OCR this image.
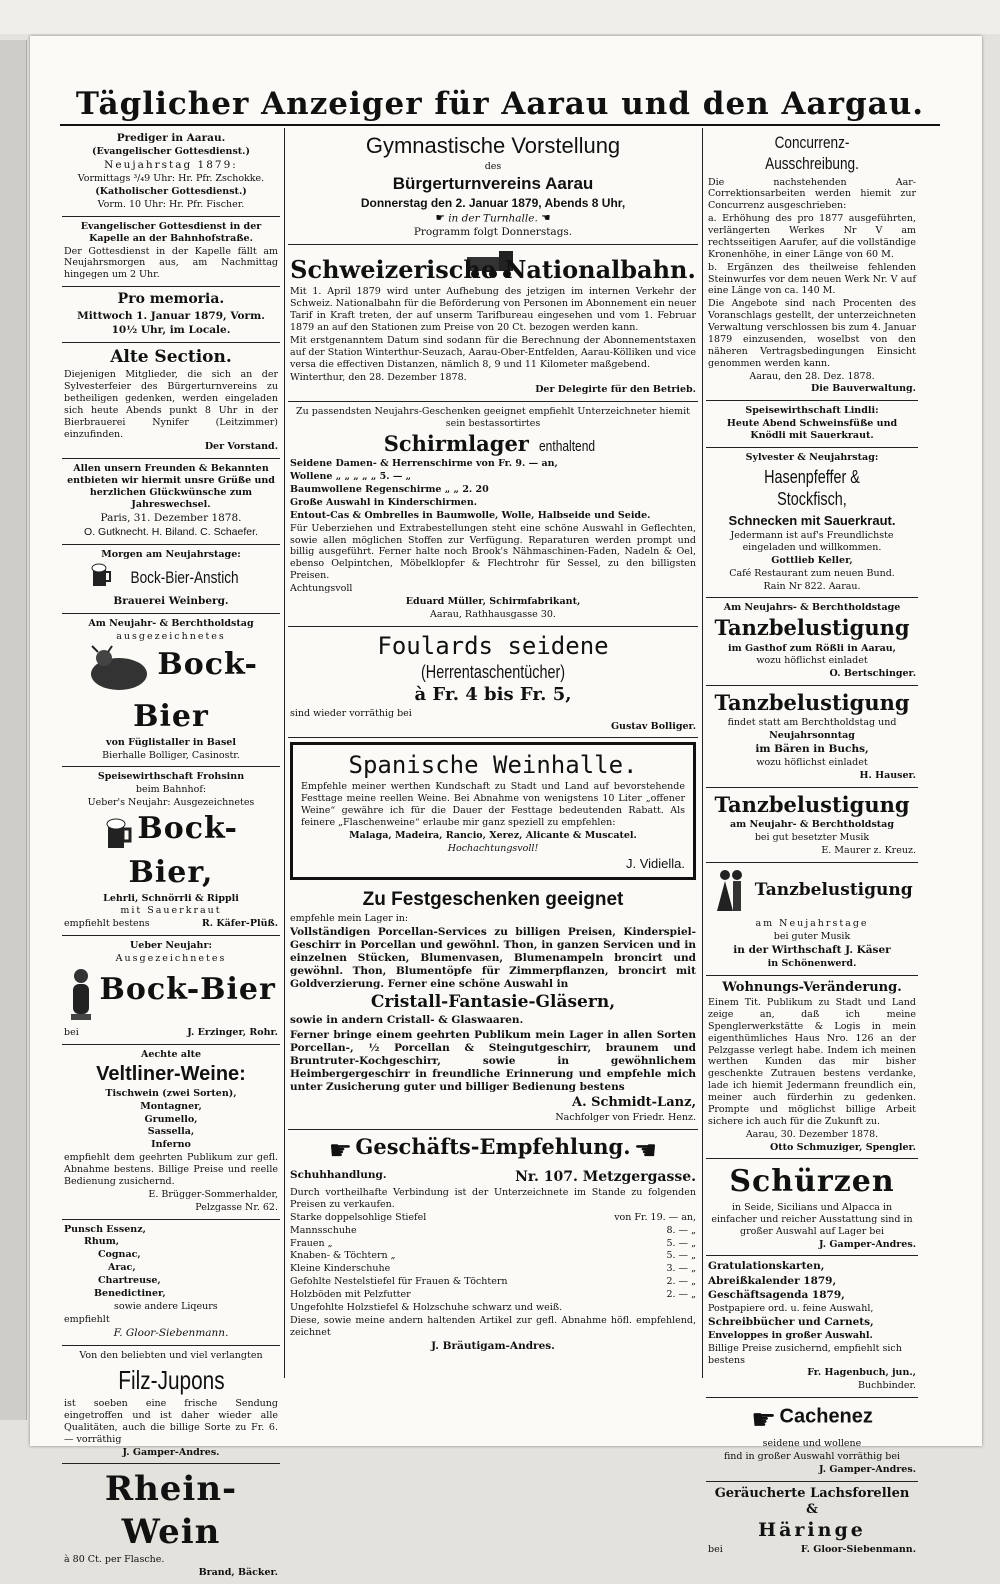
Täglicher Anzeiger für Aarau und den Aargau.

Prediger in Aarau.

(Evangelischer Gottesdienst.)

Neujahrstag 1879:

Vormittags ³/₄9 Uhr: Hr. Pfr. Zschokke.

(Katholischer Gottesdienst.)

Vorm. 10 Uhr: Hr. Pfr. Fischer.

Evangelischer Gottesdienst in der Kapelle an der Bahnhofstraße.

Der Gottesdienst in der Kapelle fällt am Neujahrsmorgen aus, am Nachmittag hingegen um 2 Uhr.

Pro memoria.

Mittwoch 1. Januar 1879, Vorm.

10½ Uhr, im Locale.

Alte Section.

Diejenigen Mitglieder, die sich an der Sylvesterfeier des Bürgerturnvereins zu betheiligen gedenken, werden eingeladen sich heute Abends punkt 8 Uhr in der Bierbrauerei Nynifer (Leitzimmer) einzufinden.

Der Vorstand.

Allen unsern Freunden & Bekannten entbieten wir hiermit unsre Grüße und herzlichen Glückwünsche zum Jahreswechsel.

Paris, 31. Dezember 1878.

O. Gutknecht. H. Biland. C. Schaefer.

Morgen am Neujahrstage:

Bock-Bier-Anstich

Brauerei Weinberg.

Am Neujahr- & Berchtholdstag

ausgezeichnetes

Bock-Bier

von Füglistaller in Basel

Bierhalle Bolliger, Casinostr.

Speisewirthschaft Frohsinn

beim Bahnhof:

Ueber's Neujahr: Ausgezeichnetes

Bock-Bier,

Lehrli, Schnörrli & Rippli

mit Sauerkraut

empfiehlt bestens	R. Käfer-Plüß.

Ueber Neujahr:

Ausgezeichnetes

Bock-Bier

bei	J. Erzinger, Rohr.

Aechte alte

Veltliner-Weine:

Tischwein (zwei Sorten),

Montagner,

Grumello,

Sassella,

Inferno

empfiehlt dem geehrten Publikum zur gefl. Abnahme bestens. Billige Preise und reelle Bedienung zusichernd.

E. Brügger-Sommerhalder,

Pelzgasse Nr. 62.

Punsch Essenz,

Rhum,

Cognac,

Arac,

Chartreuse,

Benedictiner,

sowie andere Liqeurs

empfiehlt

F. Gloor-Siebenmann.

Von den beliebten und viel verlangten

Filz-Jupons

ist soeben eine frische Sendung eingetroffen und ist daher wieder alle Qualitäten, auch die billige Sorte zu Fr. 6. — vorräthig

J. Gamper-Andres.

Rhein-Wein

à 80 Ct. per Flasche.

Brand, Bäcker.

Gymnastische Vorstellung

des

Bürgerturnvereins Aarau

Donnerstag den 2. Januar 1879, Abends 8 Uhr,

☛ in der Turnhalle. ☚

Programm folgt Donnerstags.

Schweizerische Nationalbahn.

Mit 1. April 1879 wird unter Aufhebung des jetzigen im internen Verkehr der Schweiz. Nationalbahn für die Beförderung von Personen im Abonnement ein neuer Tarif in Kraft treten, der auf unserm Tarifbureau eingesehen und vom 1. Februar 1879 an auf den Stationen zum Preise von 20 Ct. bezogen werden kann.

Mit erstgenanntem Datum sind sodann für die Berechnung der Abonnementstaxen auf der Station Winterthur-Seuzach, Aarau-Ober-Entfelden, Aarau-Kölliken und vice versa die effectiven Distanzen, nämlich 8, 9 und 11 Kilometer maßgebend.

Winterthur, den 28. Dezember 1878.

Der Delegirte für den Betrieb.

Zu passendsten Neujahrs-Geschenken geeignet empfiehlt Unterzeichneter hiemit sein bestassortirtes

Schirmlager enthaltend

Seidene Damen- & Herrenschirme von Fr. 9. — an,

Wollene „ „ „ „ „ 5. — „

Baumwollene Regenschirme „ „ 2. 20

Große Auswahl in Kinderschirmen.

Entout-Cas & Ombrelles in Baumwolle, Wolle, Halbseide und Seide.

Für Ueberziehen und Extrabestellungen steht eine schöne Auswahl in Geflechten, sowie allen möglichen Stoffen zur Verfügung. Reparaturen werden prompt und billig ausgeführt. Ferner halte noch Brook's Nähmaschinen-Faden, Nadeln & Oel, ebenso Oelpintchen, Möbelklopfer & Flechtrohr für Sessel, zu den billigsten Preisen.

Achtungsvoll

Eduard Müller, Schirmfabrikant,

Aarau, Rathhausgasse 30.

Foulards seidene (Herrentaschentücher)

à Fr. 4 bis Fr. 5,

sind wieder vorräthig bei

Gustav Bolliger.

Spanische Weinhalle.

Empfehle meiner werthen Kundschaft zu Stadt und Land auf bevorstehende Festtage meine reellen Weine. Bei Abnahme von wenigstens 10 Liter „offener Weine“ gewähre ich für die Dauer der Festtage bedeutenden Rabatt. Als feinere „Flaschenweine“ erlaube mir ganz speziell zu empfehlen:

Malaga, Madeira, Rancio, Xerez, Alicante & Muscatel.

Hochachtungsvoll!

J. Vidiella.

Zu Festgeschenken geeignet

empfehle mein Lager in:

Vollständigen Porcellan-Services zu billigen Preisen, Kinderspiel-Geschirr in Porcellan und gewöhnl. Thon, in ganzen Servicen und in einzelnen Stücken, Blumenvasen, Blumenampeln broncirt und gewöhnl. Thon, Blumentöpfe für Zimmerpflanzen, broncirt mit Goldverzierung. Ferner eine schöne Auswahl in

Cristall-Fantasie-Gläsern,

sowie in andern Cristall- & Glaswaaren.

Ferner bringe einem geehrten Publikum mein Lager in allen Sorten Porcellan-, ½ Porcellan & Steingutgeschirr, braunem und Bruntruter-Kochgeschirr, sowie in gewöhnlichem Heimbergergeschirr in freundliche Erinnerung und empfehle mich unter Zusicherung guter und billiger Bedienung bestens

A. Schmidt-Lanz,

Nachfolger von Friedr. Henz.

☛ Geschäfts-Empfehlung. ☚

Schuhhandlung.	Nr. 107. Metzgergasse.

Durch vortheilhafte Verbindung ist der Unterzeichnete im Stande zu folgenden Preisen zu verkaufen.

Starke doppelsohlige Stiefel	von Fr. 19. — an,

Mannsschuhe	8. — „

Frauen „	5. — „

Knaben- & Töchtern „	5. — „

Kleine Kinderschuhe	3. — „

Gefohlte Nestelstiefel für Frauen & Töchtern	2. — „

Holzböden mit Pelzfutter	2. — „

Ungefohlte Holzstiefel & Holzschuhe schwarz und weiß.

Diese, sowie meine andern haltenden Artikel zur gefl. Abnahme höfl. empfehlend, zeichnet

J. Bräutigam-Andres.

Concurrenz-Ausschreibung.

Die nachstehenden Aar-Correktionsarbeiten werden hiemit zur Concurrenz ausgeschrieben:

a. Erhöhung des pro 1877 ausgeführten, verlängerten Werkes Nr V am rechtsseitigen Aarufer, auf die vollständige Kronenhöhe, in einer Länge von 60 M.

b. Ergänzen des theilweise fehlenden Steinwurfes vor dem neuen Werk Nr. V auf eine Länge von ca. 140 M.

Die Angebote sind nach Procenten des Voranschlags gestellt, der unterzeichneten Verwaltung verschlossen bis zum 4. Januar 1879 einzusenden, woselbst von den näheren Vertragsbedingungen Einsicht genommen werden kann.

Aarau, den 28. Dez. 1878.

Die Bauverwaltung.

Speisewirthschaft Lindli:

Heute Abend Schweinsfüße und Knödli mit Sauerkraut.

Sylvester & Neujahrstag:

Hasenpfeffer & Stockfisch,

Schnecken mit Sauerkraut.

Jedermann ist auf's Freundlichste eingeladen und willkommen.

Gottlieb Keller,

Café Restaurant zum neuen Bund.

Rain Nr 822. Aarau.

Am Neujahrs- & Berchtholdstage

Tanzbelustigung

im Gasthof zum Rößli in Aarau,

wozu höflichst einladet

O. Bertschinger.

Tanzbelustigung

findet statt am Berchtholdstag und

Neujahrsonntag

im Bären in Buchs,

wozu höflichst einladet

H. Hauser.

Tanzbelustigung

am Neujahr- & Berchtholdstag

bei gut besetzter Musik

E. Maurer z. Kreuz.

Tanzbelustigung

am Neujahrstage

bei guter Musik

in der Wirthschaft J. Käser

in Schönenwerd.

Wohnungs-Veränderung.

Einem Tit. Publikum zu Stadt und Land zeige an, daß ich meine Spenglerwerkstätte & Logis in mein eigenthümliches Haus Nro. 126 an der Pelzgasse verlegt habe. Indem ich meinen werthen Kunden das mir bisher geschenkte Zutrauen bestens verdanke, lade ich hiemit Jedermann freundlich ein, meiner auch fürderhin zu gedenken. Prompte und möglichst billige Arbeit sichere ich auch für die Zukunft zu.

Aarau, 30. Dezember 1878.

Otto Schmuziger, Spengler.

Schürzen

in Seide, Sicilians und Alpacca in einfacher und reicher Ausstattung sind in großer Auswahl auf Lager bei

J. Gamper-Andres.

Gratulationskarten,

Abreißkalender 1879,

Geschäftsagenda 1879,

Postpapiere ord. u. feine Auswahl,

Schreibbücher und Carnets,

Enveloppes in großer Auswahl.

Billige Preise zusichernd, empfiehlt sich bestens

Fr. Hagenbuch, jun.,

Buchbinder.

☛ Cachenez

seidene und wollene

find in großer Auswahl vorräthig bei

J. Gamper-Andres.

Geräucherte Lachsforellen &

Häringe

bei	F. Gloor-Siebenmann.
